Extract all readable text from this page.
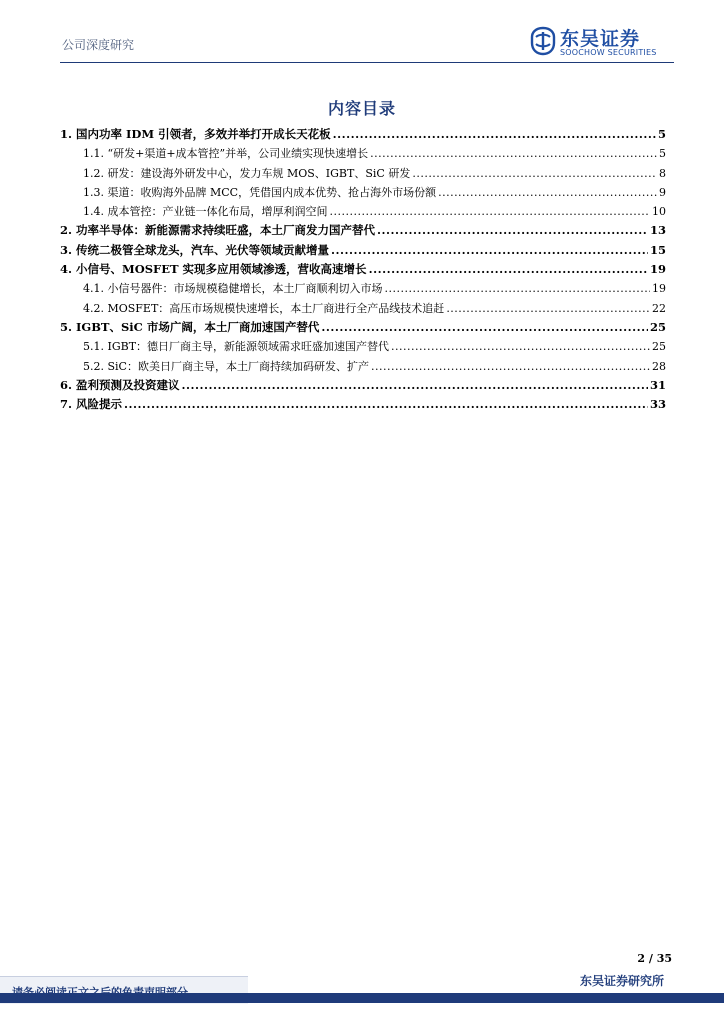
公司深度研究	东吴证券
SOOCHOW SECURITIES
内容目录
1. 国内功率 IDM 引领者，多效并举打开成长天花板 .....	5
1.1. “研发+渠道+成本管控”并举，公司业绩实现快速增长 .....	5
1.2. 研发：建设海外研发中心，发力车规 MOS、IGBT、SiC 研发 .....	8
1.3. 渠道：收购海外品牌 MCC，凭借国内成本优势、抢占海外市场份额 .....	9
1.4. 成本管控：产业链一体化布局，增厚利润空间 .....	10
2. 功率半导体：新能源需求持续旺盛，本土厂商发力国产替代 .....	13
3. 传统二极管全球龙头，汽车、光伏等领域贡献增量 .....	15
4. 小信号、MOSFET 实现多应用领域渗透，营收高速增长 .....	19
4.1. 小信号器件：市场规模稳健增长，本土厂商顺利切入市场 .....	19
4.2. MOSFET：高压市场规模快速增长，本土厂商进行全产品线技术追赶 .....	22
5. IGBT、SiC 市场广阔，本土厂商加速国产替代 .....	25
5.1. IGBT：德日厂商主导，新能源领域需求旺盛加速国产替代 .....	25
5.2. SiC：欧美日厂商主导，本土厂商持续加码研发、扩产 .....	28
6. 盈利预测及投资建议 .....	31
7. 风险提示 .....	33
2 / 35
东吴证券研究所
请务必阅读正文之后的免责声明部分
